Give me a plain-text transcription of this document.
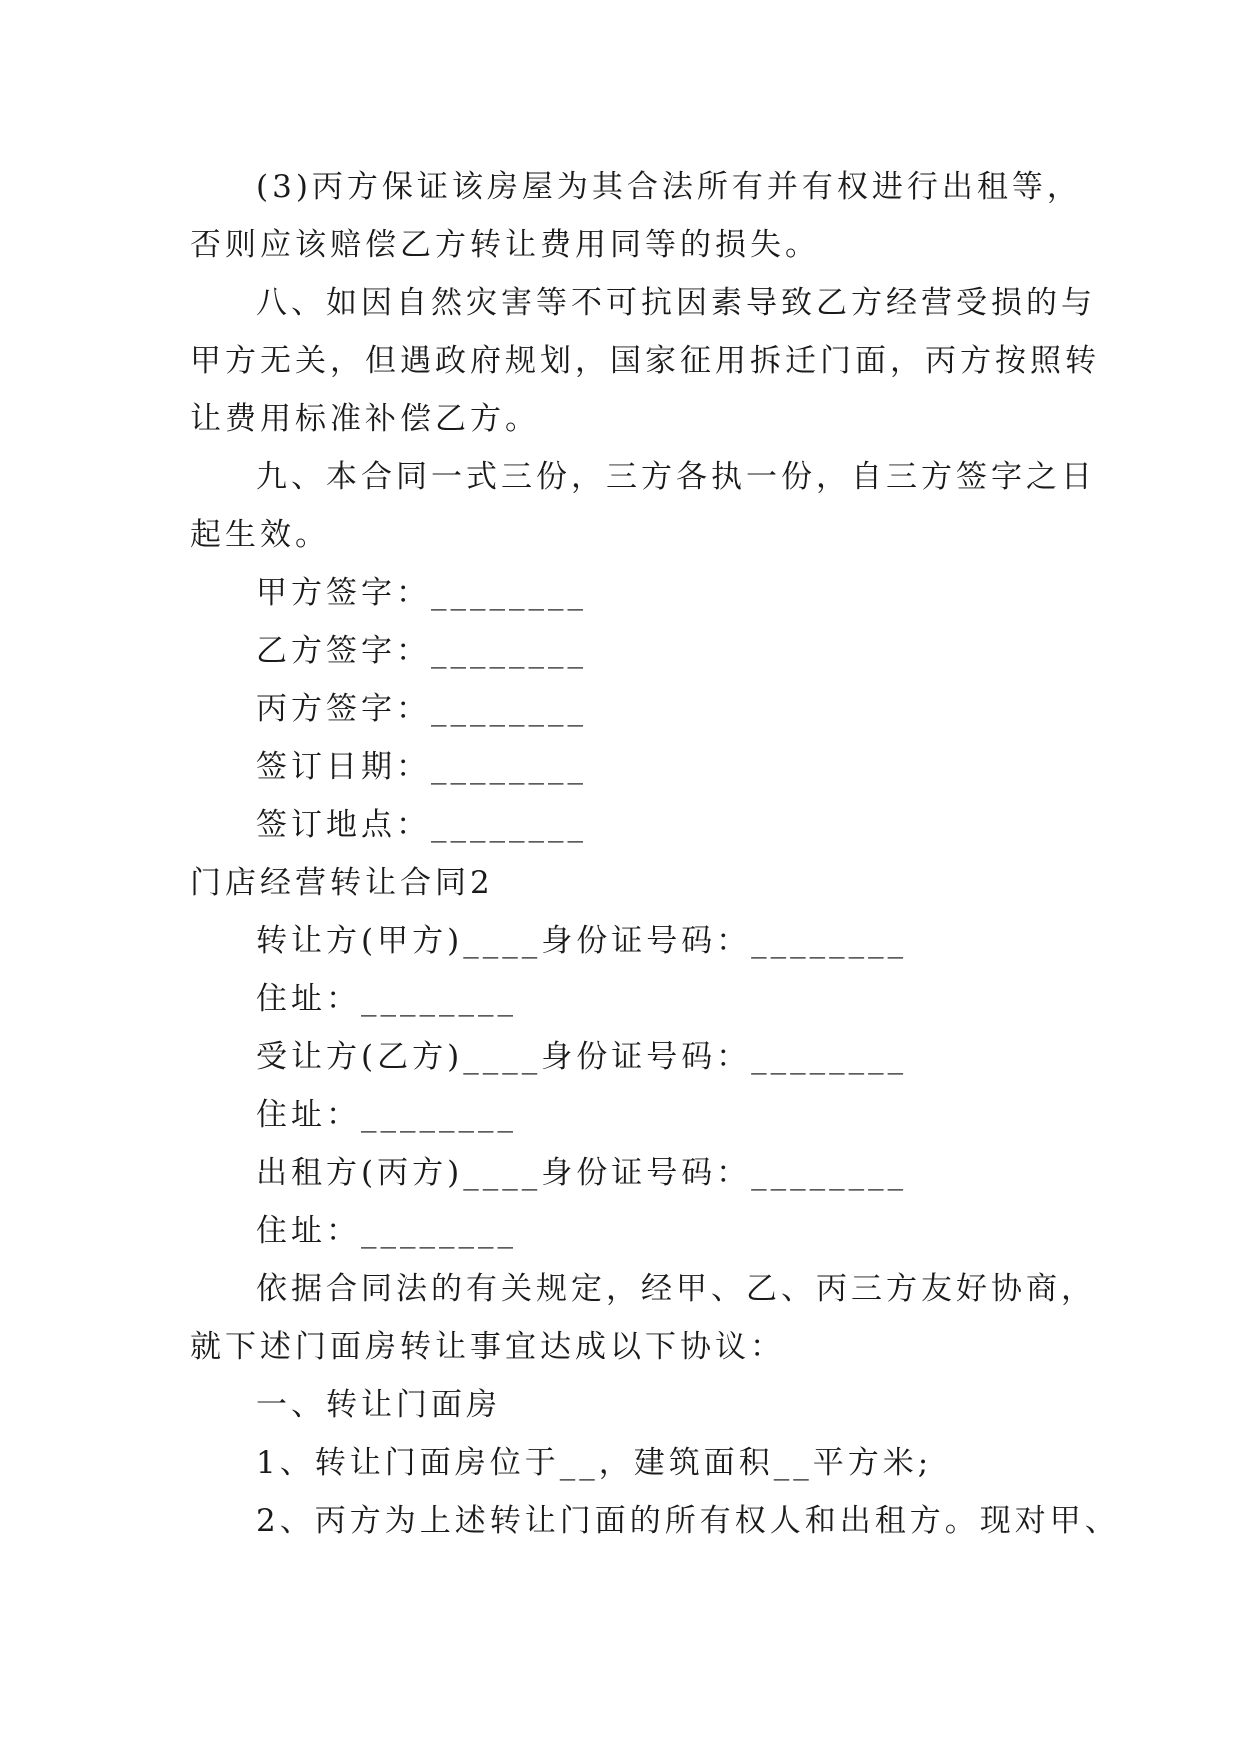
(3)丙方保证该房屋为其合法所有并有权进行出租等，
否则应该赔偿乙方转让费用同等的损失。
八、如因自然灾害等不可抗因素导致乙方经营受损的与
甲方无关，但遇政府规划，国家征用拆迁门面，丙方按照转
让费用标准补偿乙方。
九、本合同一式三份，三方各执一份，自三方签字之日
起生效。
甲方签字：________
乙方签字：________
丙方签字：________
签订日期：________
签订地点：________
门店经营转让合同2
转让方(甲方)____身份证号码：________
住址：________
受让方(乙方)____身份证号码：________
住址：________
出租方(丙方)____身份证号码：________
住址：________
依据合同法的有关规定，经甲、乙、丙三方友好协商，
就下述门面房转让事宜达成以下协议：
一、转让门面房
1、转让门面房位于__，建筑面积__平方米;
2、丙方为上述转让门面的所有权人和出租方。现对甲、
